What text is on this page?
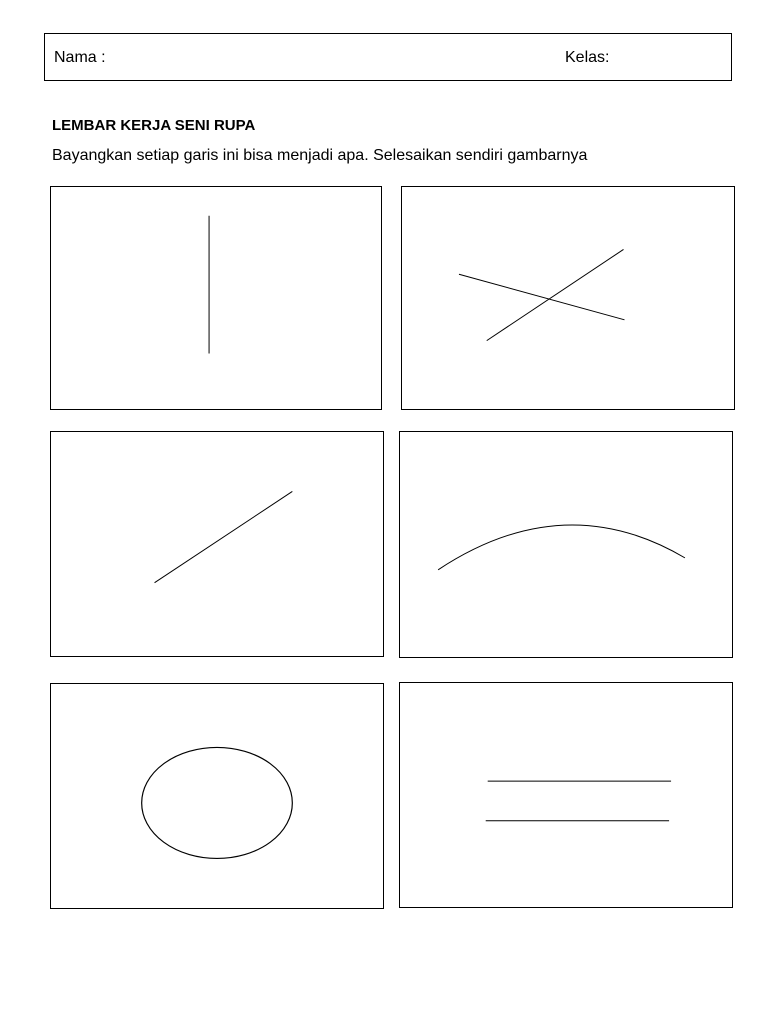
Nama :	Kelas:
LEMBAR KERJA SENI RUPA
Bayangkan setiap garis ini bisa menjadi apa. Selesaikan sendiri gambarnya
